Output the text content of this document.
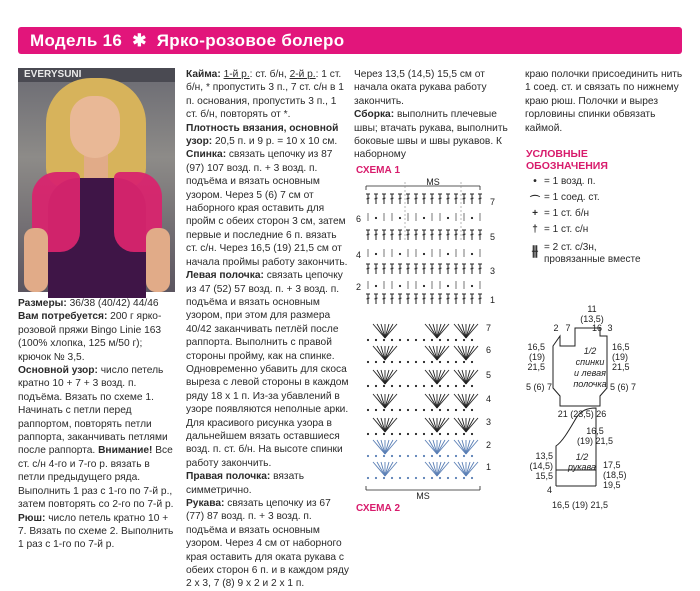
Модель 16 ✱ Ярко-розовое болеро
EVERYSUNI

Размеры: 36/38 (40/42) 44/46

Вам потребуется: 200 г ярко-розовой пряжи Bingo Linie 163 (100% хлопка, 125 м/50 г); крючок № 3,5.

Основной узор: число петель кратно 10 + 7 + 3 возд. п. подъёма. Вязать по схеме 1. Начинать с петли перед раппортом, повторять петли раппорта, заканчивать петлями после раппорта. Внимание! Все ст. с/н 4-го и 7-го р. вязать в петли предыдущего ряда. Выполнить 1 раз с 1-го по 7-й р., затем повторять со 2-го по 7-й р.

Рюш: число петель кратно 10 + 7. Вязать по схеме 2. Выполнить 1 раз с 1-го по 7-й р.

Кайма: 1-й р.: ст. б/н, 2-й р.: 1 ст. б/н, * пропустить 3 п., 7 ст. с/н в 1 п. основания, пропустить 3 п., 1 ст. б/н, повторять от *.

Плотность вязания, основной узор: 20,5 п. и 9 р. = 10 х 10 см.

Спинка: связать цепочку из 87 (97) 107 возд. п. + 3 возд. п. подъёма и вязать основным узором. Через 5 (6) 7 см от наборного края оставить для пройм с обеих сторон 3 см, затем первые и последние 6 п. вязать ст. с/н. Через 16,5 (19) 21,5 см от начала проймы работу закончить.

Левая полочка: связать цепочку из 47 (52) 57 возд. п. + 3 возд. п. подъёма и вязать основным узором, при этом для размера 40/42 заканчивать петлёй после раппорта. Выполнить с правой стороны пройму, как на спинке. Одновременно убавить для скоса выреза с левой стороны в каждом ряду 18 х 1 п. Из-за убавлений в узоре появляются неполные арки. Для красивого рисунка узора в дальнейшем вязать оставшиеся возд. п. ст. б/н. На высоте спинки работу закончить.

Правая полочка: вязать симметрично.

Рукава: связать цепочку из 67 (77) 87 возд. п. + 3 возд. п. подъёма и вязать основным узором. Через 4 см от наборного края оставить для оката рукава с обеих сторон 6 п. и в каждом ряду 2 х 3, 7 (8) 9 х 2 и 2 х 1 п.

Через 13,5 (14,5) 15,5 см от начала оката рукава работу закончить.

Сборка: выполнить плечевые швы; втачать рукава, выполнить боковые швы и швы рукавов. К наборному

краю полочки присоединить нить 1 соед. ст. и связать по нижнему краю рюш. Полочки и вырез горловины спинки обвязать каймой.

СХЕМА 1
СХЕМА 2
MS
7
5
3
1
6
4
2
MS
7
6
5
4
3
2
1
1/2
спинки
и левая
полочка
11
(13,5)
16
2 7	3
16,5
(19)
21,5
16,5
(19)
21,5
5 (6) 7	5 (6) 7
21 (23,5) 26
1/2
рукава
16,5
(19) 21,5
13,5
(14,5)
15,5
17,5
(18,5)
19,5
4
16,5 (19) 21,5
УСЛОВНЫЕ ОБОЗНАЧЕНИЯ
• = 1 возд. п.
⌒ = 1 соед. ст.
+ = 1 ст. б/н
† = 1 ст. с/н
⫵ = 2 ст. с/3н, провязанные вместе
